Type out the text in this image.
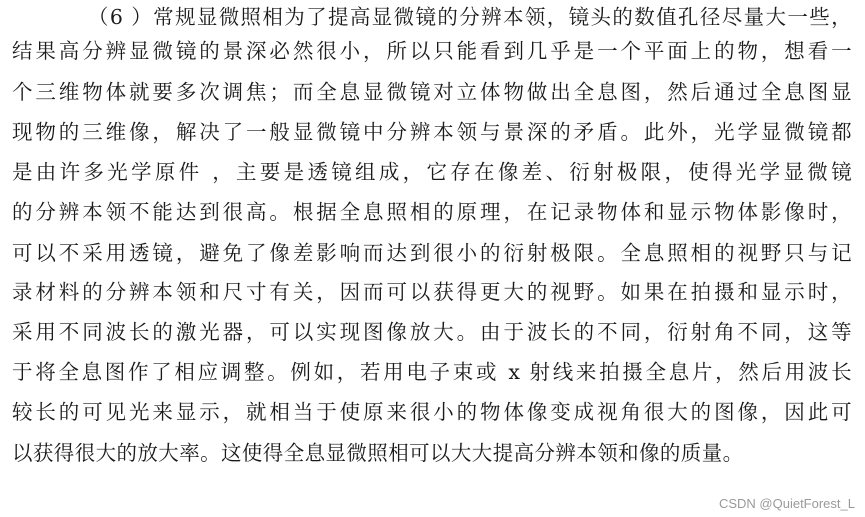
（6 ）常规显微照相为了提高显微镜的分辨本领，镜头的数值孔径尽量大一些，
结果高分辨显微镜的景深必然很小，所以只能看到几乎是一个平面上的物，想看一
个三维物体就要多次调焦；而全息显微镜对立体物做出全息图，然后通过全息图显
现物的三维像，解决了一般显微镜中分辨本领与景深的矛盾。此外，光学显微镜都
是由许多光学原件 ，主要是透镜组成，它存在像差、衍射极限，使得光学显微镜
的分辨本领不能达到很高。根据全息照相的原理，在记录物体和显示物体影像时，
可以不采用透镜，避免了像差影响而达到很小的衍射极限。全息照相的视野只与记
录材料的分辨本领和尺寸有关，因而可以获得更大的视野。如果在拍摄和显示时，
采用不同波长的激光器，可以实现图像放大。由于波长的不同，衍射角不同，这等
于将全息图作了相应调整。例如，若用电子束或 x 射线来拍摄全息片，然后用波长
较长的可见光来显示，就相当于使原来很小的物体像变成视角很大的图像，因此可
以获得很大的放大率。这使得全息显微照相可以大大提高分辨本领和像的质量。
CSDN @QuietForest_L
